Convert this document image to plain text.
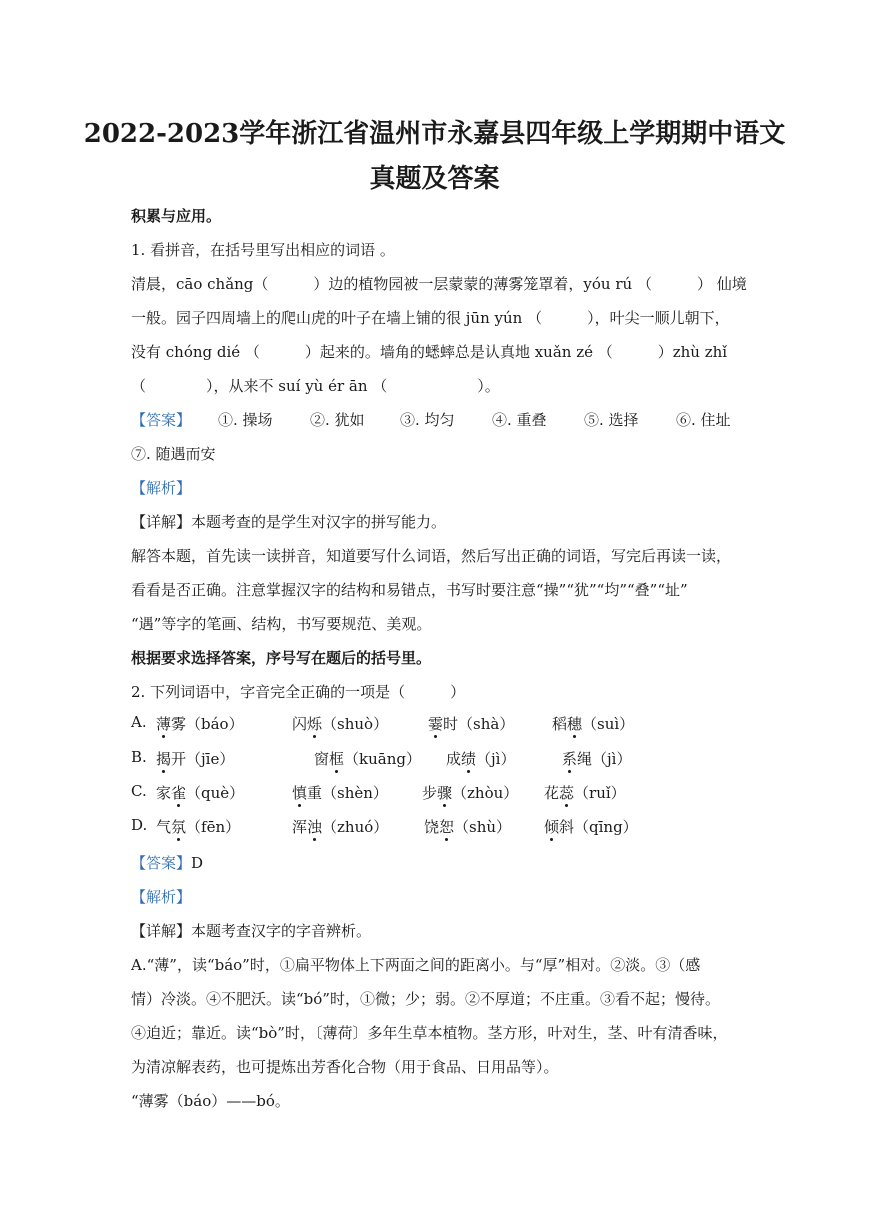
2022-2023学年浙江省温州市永嘉县四年级上学期期中语文
真题及答案
积累与应用。
1. 看拼音，在括号里写出相应的词语 。
清晨，cāo chǎng（　　　）边的植物园被一层蒙蒙的薄雾笼罩着，yóu rú （　　　） 仙境
一般。园子四周墙上的爬山虎的叶子在墙上铺的很 jūn yún （　　　），叶尖一顺儿朝下，
没有 chóng dié （　　　）起来的。墙角的蟋蟀总是认真地 xuǎn zé （　　　）zhù zhǐ
（　　　　），从来不 suí yù ér ān （　　　　　　）。
【答案】 ①. 操场 ②. 犹如 ③. 均匀 ④. 重叠 ⑤. 选择 ⑥. 住址
⑦. 随遇而安
【解析】
【详解】本题考查的是学生对汉字的拼写能力。
解答本题，首先读一读拼音，知道要写什么词语，然后写出正确的词语，写完后再读一读，
看看是否正确。注意掌握汉字的结构和易错点，书写时要注意“操”“犹”“均”“叠”“址”
“遇”等字的笔画、结构，书写要规范、美观。
根据要求选择答案，序号写在题后的括号里。
2. 下列词语中，字音完全正确的一项是（　　　）
A. 薄雾（báo）	闪烁（shuò）	霎时（shà）	稻穗（suì）
B. 揭开（jīe）	窗框（kuāng） 成绩（jì）	系绳（jì）
C. 家雀（què）	慎重（shèn） 步骤（zhòu） 花蕊（ruǐ）
D. 气氛（fēn）	浑浊（zhuó） 饶恕（shù） 倾斜（qīng）
【答案】D
【解析】
【详解】本题考查汉字的字音辨析。
A.“薄”，读“báo”时，①扁平物体上下两面之间的距离小。与“厚”相对。②淡。③（感
情）冷淡。④不肥沃。读“bó”时，①微；少；弱。②不厚道；不庄重。③看不起；慢待。
④迫近；靠近。读“bò”时，〔薄荷〕多年生草本植物。茎方形，叶对生，茎、叶有清香味，
为清凉解表药，也可提炼出芳香化合物（用于食品、日用品等）。
“薄雾（báo）——bó。
